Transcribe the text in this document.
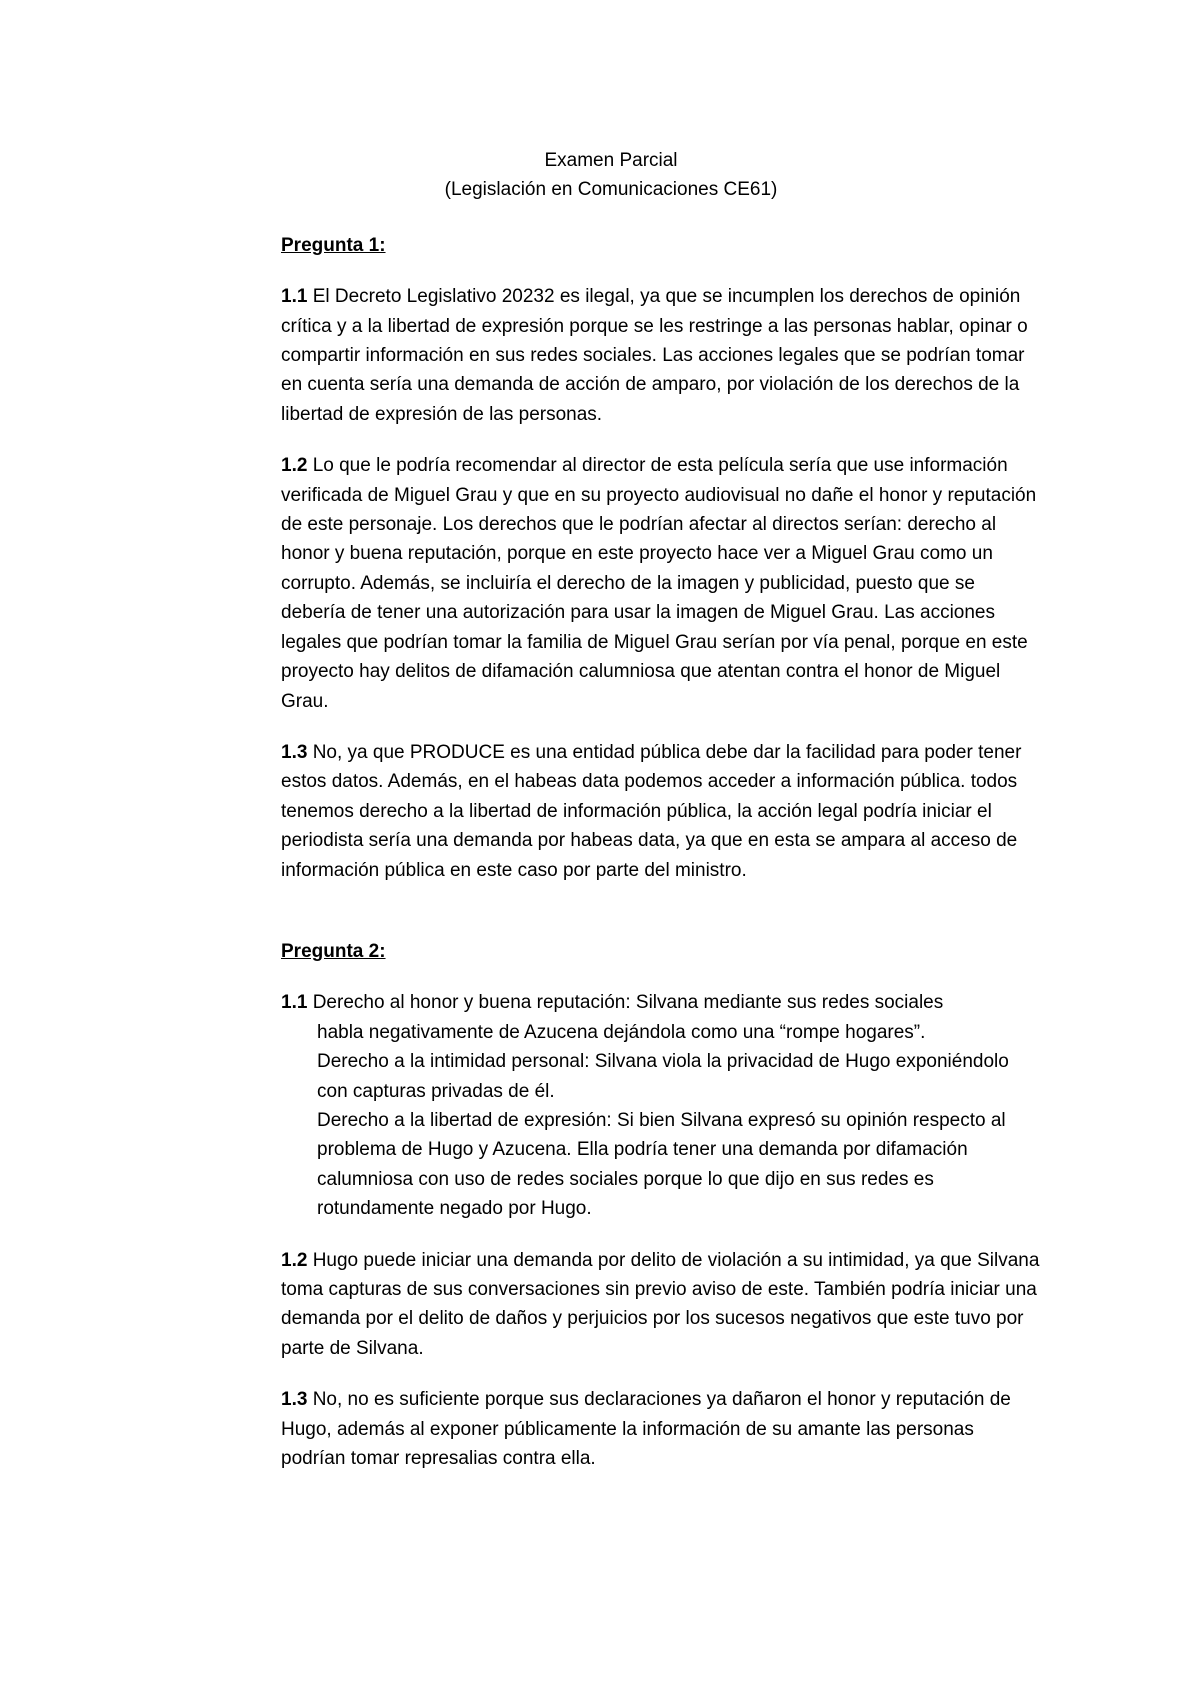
Examen Parcial
(Legislación en Comunicaciones CE61)
Pregunta 1:

1.1 El Decreto Legislativo 20232 es ilegal, ya que se incumplen los derechos de opinión crítica y a la libertad de expresión porque se les restringe a las personas hablar, opinar o compartir información en sus redes sociales. Las acciones legales que se podrían tomar en cuenta sería una demanda de acción de amparo, por violación de los derechos de la libertad de expresión de las personas.

1.2 Lo que le podría recomendar al director de esta película sería que use información verificada de Miguel Grau y que en su proyecto audiovisual no dañe el honor y reputación de este personaje. Los derechos que le podrían afectar al directos serían: derecho al honor y buena reputación, porque en este proyecto hace ver a Miguel Grau como un corrupto. Además, se incluiría el derecho de la imagen y publicidad, puesto que se debería de tener una autorización para usar la imagen de Miguel Grau. Las acciones legales que podrían tomar la familia de Miguel Grau serían por vía penal, porque en este proyecto hay delitos de difamación calumniosa que atentan contra el honor de Miguel Grau.

1.3 No, ya que PRODUCE es una entidad pública debe dar la facilidad para poder tener estos datos. Además, en el habeas data podemos acceder a información pública. todos tenemos derecho a la libertad de información pública, la acción legal podría iniciar el periodista sería una demanda por habeas data, ya que en esta se ampara al acceso de información pública en este caso por parte del ministro.

Pregunta 2:
1.1 Derecho al honor y buena reputación: Silvana mediante sus redes sociales
habla negativamente de Azucena dejándola como una “rompe hogares”.
Derecho a la intimidad personal: Silvana viola la privacidad de Hugo exponiéndolo con capturas privadas de él.
Derecho a la libertad de expresión: Si bien Silvana expresó su opinión respecto al problema de Hugo y Azucena. Ella podría tener una demanda por difamación calumniosa con uso de redes sociales porque lo que dijo en sus redes es rotundamente negado por Hugo.

1.2 Hugo puede iniciar una demanda por delito de violación a su intimidad, ya que Silvana toma capturas de sus conversaciones sin previo aviso de este. También podría iniciar una demanda por el delito de daños y perjuicios por los sucesos negativos que este tuvo por parte de Silvana.

1.3 No, no es suficiente porque sus declaraciones ya dañaron el honor y reputación de Hugo, además al exponer públicamente la información de su amante las personas podrían tomar represalias contra ella.
